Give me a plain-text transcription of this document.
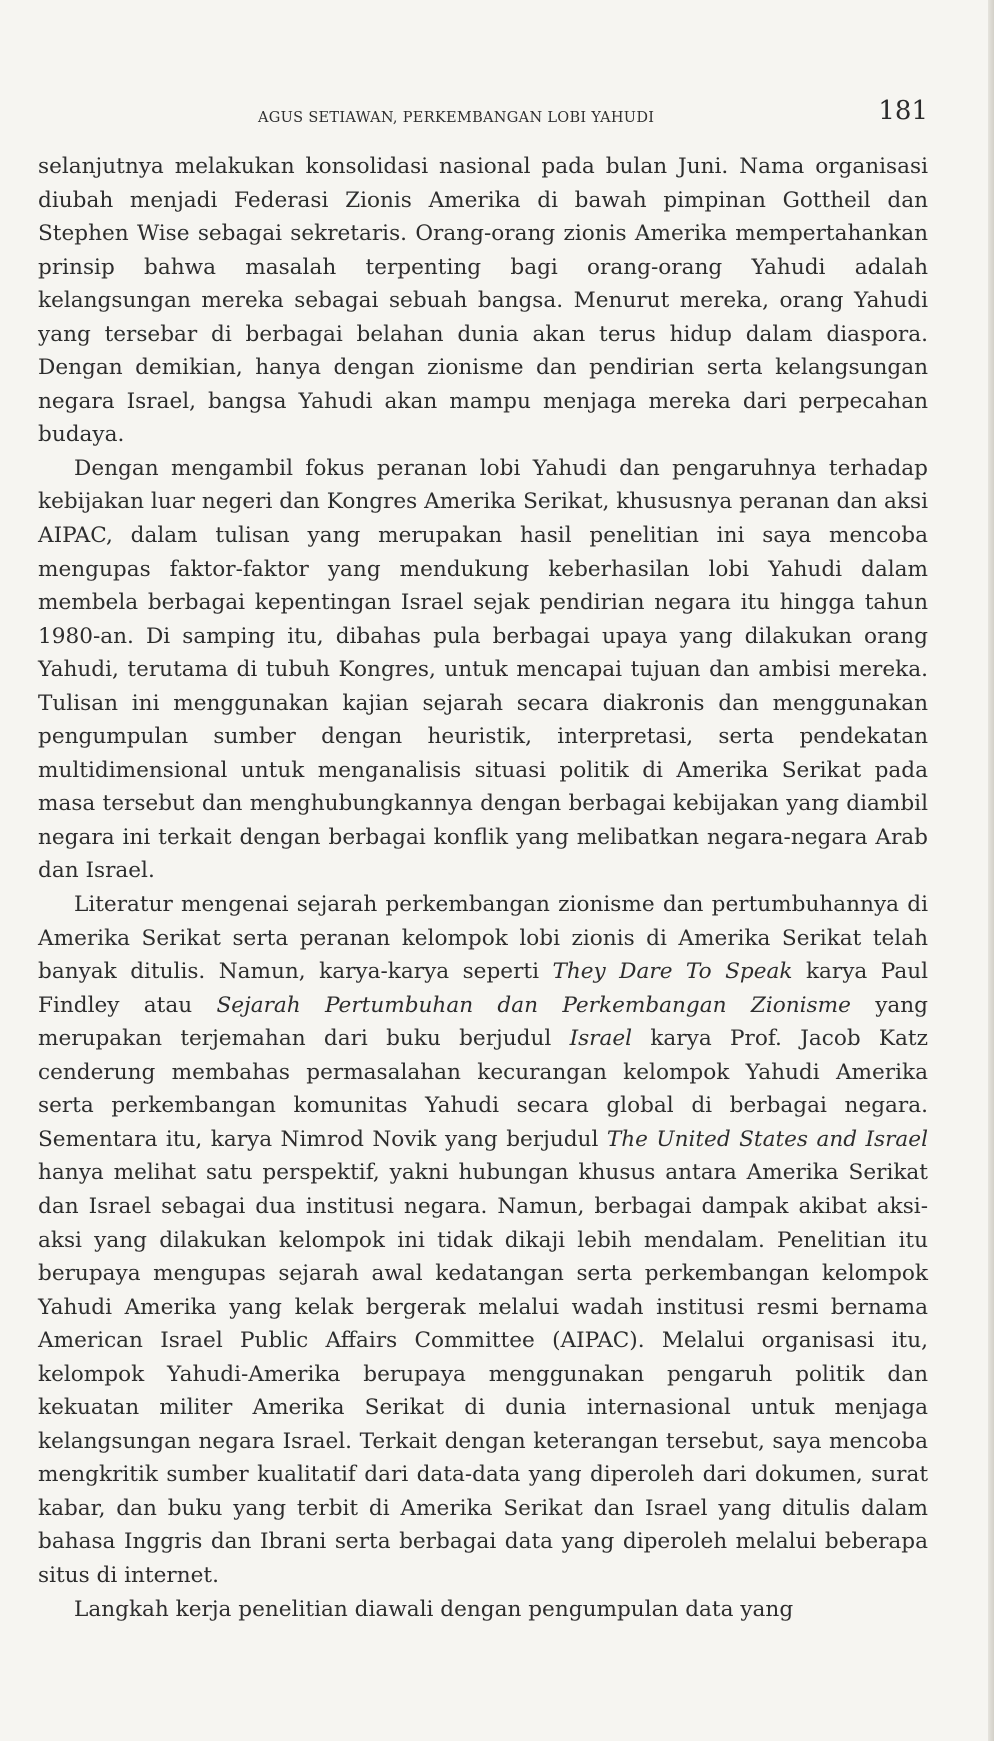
AGUS SETIAWAN, PERKEMBANGAN LOBI YAHUDI	181

selanjutnya melakukan konsolidasi nasional pada bulan Juni. Nama organisasi diubah menjadi Federasi Zionis Amerika di bawah pimpinan Gottheil dan Stephen Wise sebagai sekretaris. Orang-orang zionis Amerika mempertahankan prinsip bahwa masalah terpenting bagi orang-orang Yahudi adalah kelangsungan mereka sebagai sebuah bangsa. Menurut mereka, orang Yahudi yang tersebar di berbagai belahan dunia akan terus hidup dalam diaspora. Dengan demikian, hanya dengan zionisme dan pendirian serta kelangsungan negara Israel, bangsa Yahudi akan mampu menjaga mereka dari perpecahan budaya.

Dengan mengambil fokus peranan lobi Yahudi dan pengaruhnya terhadap kebijakan luar negeri dan Kongres Amerika Serikat, khususnya peranan dan aksi AIPAC, dalam tulisan yang merupakan hasil penelitian ini saya mencoba mengupas faktor-faktor yang mendukung keberhasilan lobi Yahudi dalam membela berbagai kepentingan Israel sejak pendirian negara itu hingga tahun 1980-an. Di samping itu, dibahas pula berbagai upaya yang dilakukan orang Yahudi, terutama di tubuh Kongres, untuk mencapai tujuan dan ambisi mereka. Tulisan ini menggunakan kajian sejarah secara diakronis dan menggunakan pengumpulan sumber dengan heuristik, interpretasi, serta pendekatan multidimensional untuk menganalisis situasi politik di Amerika Serikat pada masa tersebut dan menghubungkannya dengan berbagai kebijakan yang diambil negara ini terkait dengan berbagai konflik yang melibatkan negara-negara Arab dan Israel.

Literatur mengenai sejarah perkembangan zionisme dan pertumbuhannya di Amerika Serikat serta peranan kelompok lobi zionis di Amerika Serikat telah banyak ditulis. Namun, karya-karya seperti They Dare To Speak karya Paul Findley atau Sejarah Pertumbuhan dan Perkembangan Zionisme yang merupakan terjemahan dari buku berjudul Israel karya Prof. Jacob Katz cenderung membahas permasalahan kecurangan kelompok Yahudi Amerika serta perkembangan komunitas Yahudi secara global di berbagai negara. Sementara itu, karya Nimrod Novik yang berjudul The United States and Israel hanya melihat satu perspektif, yakni hubungan khusus antara Amerika Serikat dan Israel sebagai dua institusi negara. Namun, berbagai dampak akibat aksi-aksi yang dilakukan kelompok ini tidak dikaji lebih mendalam. Penelitian itu berupaya mengupas sejarah awal kedatangan serta perkembangan kelompok Yahudi Amerika yang kelak bergerak melalui wadah institusi resmi bernama American Israel Public Affairs Committee (AIPAC). Melalui organisasi itu, kelompok Yahudi-Amerika berupaya menggunakan pengaruh politik dan kekuatan militer Amerika Serikat di dunia internasional untuk menjaga kelangsungan negara Israel. Terkait dengan keterangan tersebut, saya mencoba mengkritik sumber kualitatif dari data-data yang diperoleh dari dokumen, surat kabar, dan buku yang terbit di Amerika Serikat dan Israel yang ditulis dalam bahasa Inggris dan Ibrani serta berbagai data yang diperoleh melalui beberapa situs di internet.

Langkah kerja penelitian diawali dengan pengumpulan data yang
